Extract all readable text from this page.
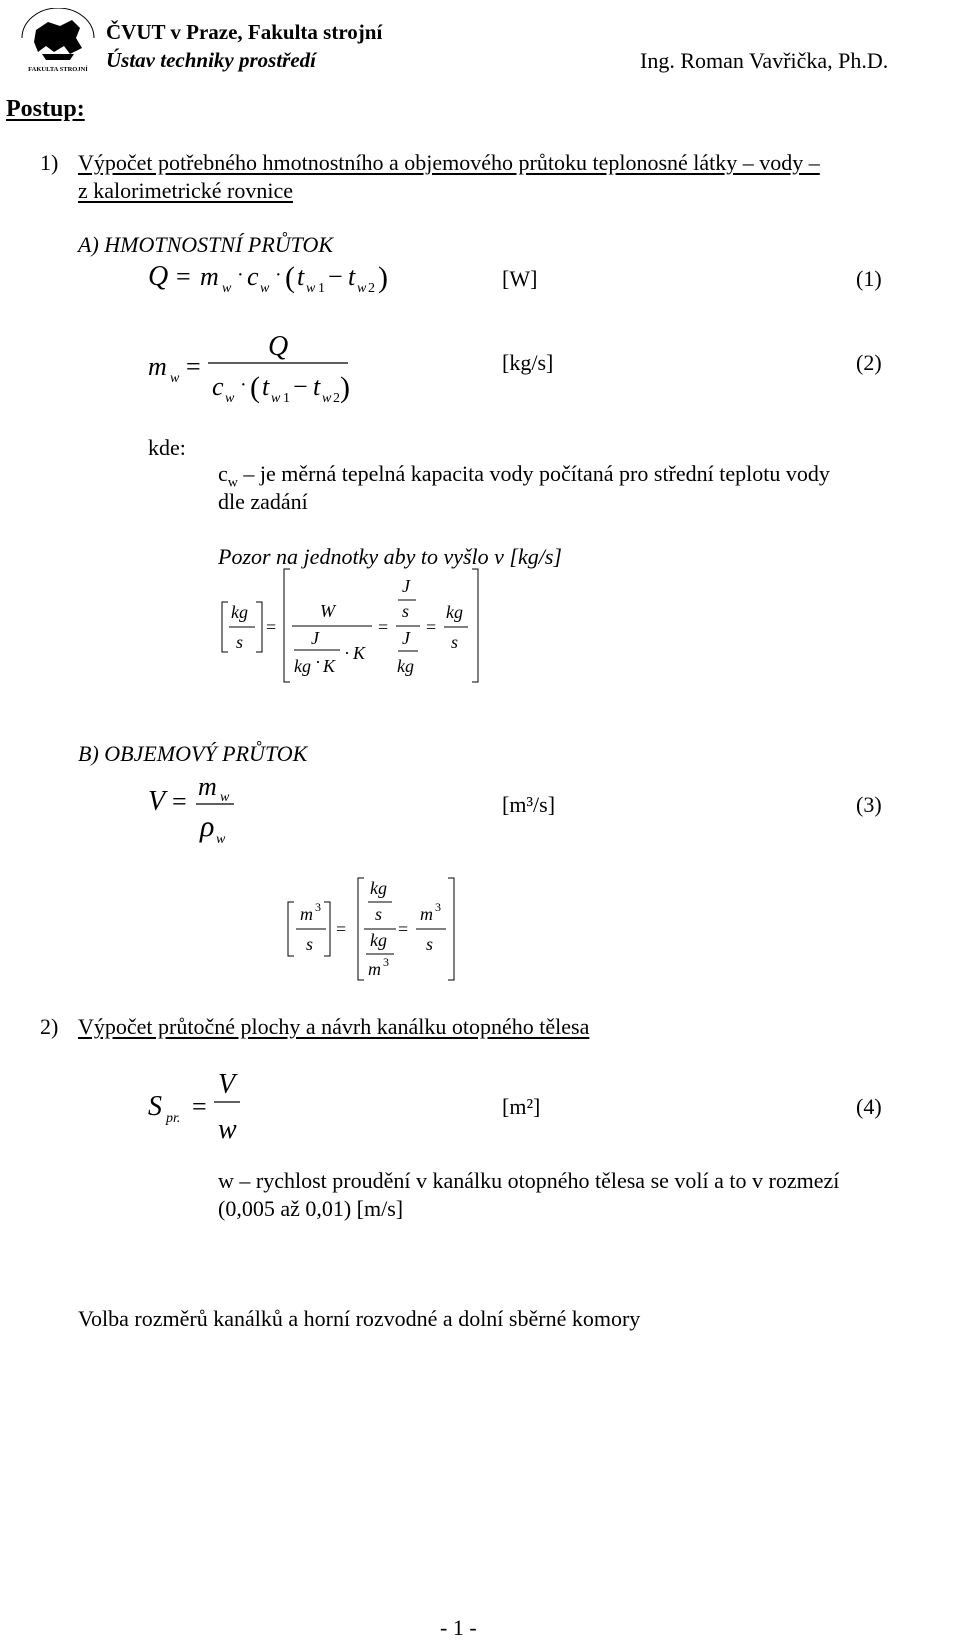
FAKULTA STROJNÍ
ČVUT v Praze, Fakulta strojní
Ústav techniky prostředí	Ing. Roman Vavřička, Ph.D.
Postup:
1) Výpočet potřebného hmotnostního a objemového průtoku teplonosné látky – vody –
z kalorimetrické rovnice
A) HMOTNOSTNÍ PRŮTOK
Q = m w
· c w
· ( t w 1 − t w 2 )
m w =
Q
c w
· ( t w 1 − t w 2 )
kg
s
=
W
J
kg · K
· K
=
J
s
J
kg
=
kg
s
V =
m w
ρ w
m 3
s
=
kg
s
kg
m 3
=
m 3
s
S pr. =
V
w
[W]	(1)
[kg/s]	(2)
kde:
$c_w$ – je měrná tepelná kapacita vody počítaná pro střední teplotu vody
dle zadání
Pozor na jednotky aby to vyšlo v [kg/s]
B) OBJEMOVÝ PRŮTOK
[m³/s]	(3)
2) Výpočet průtočné plochy a návrh kanálku otopného tělesa
[m²]	(4)
w – rychlost proudění v kanálku otopného tělesa se volí a to v rozmezí
(0,005 až 0,01) [m/s]
Volba rozměrů kanálků a horní rozvodné a dolní sběrné komory
- 1 -
